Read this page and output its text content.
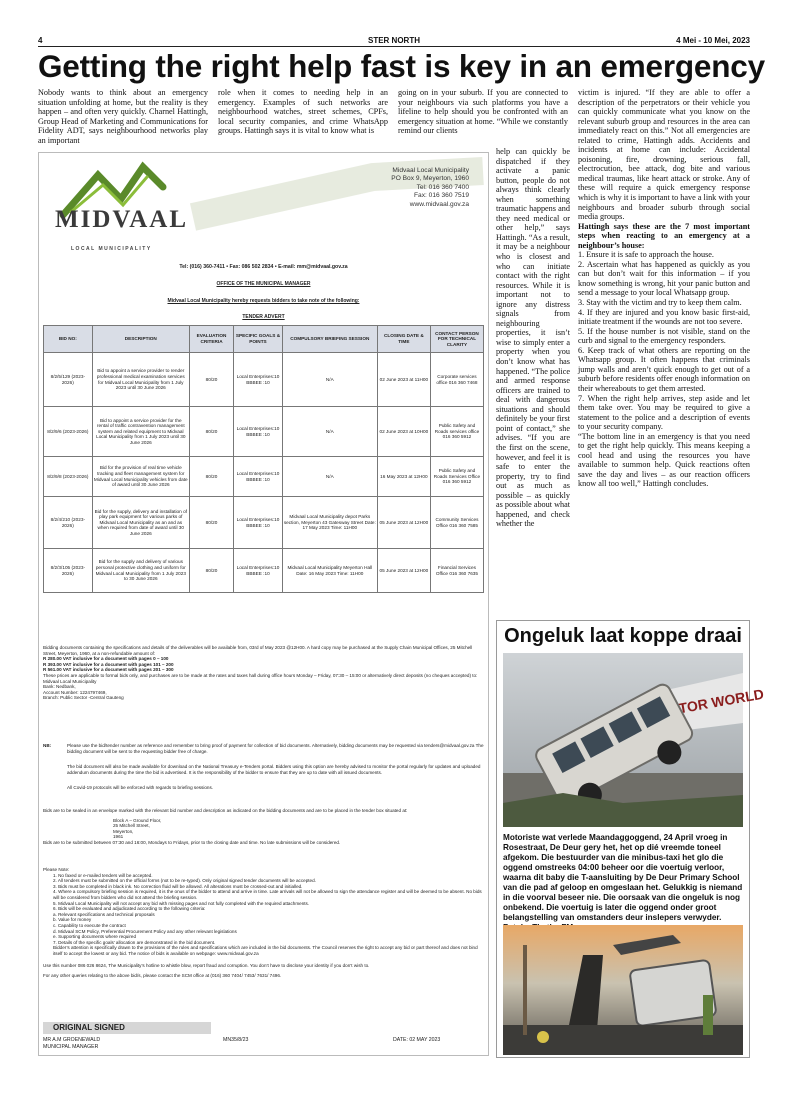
4	STER NORTH	4 Mei - 10 Mei, 2023
Getting the right help fast is key in an emergency

Nobody wants to think about an emergency situation unfolding at home, but the reality is they happen – and often very quickly. Charnel Hattingh, Group Head of Marketing and Communications for Fidelity ADT, says neighbourhood networks play an important

role when it comes to needing help in an emergency. Examples of such networks are neighbourhood watches, street schemes, CPFs, local security companies, and crime WhatsApp groups. Hattingh says it is vital to know what is

going on in your suburb. If you are connected to your neighbours via such platforms you have a lifeline to help should you be confronted with an emergency situation at home. “While we constantly remind our clients

help can quickly be dispatched if they activate a panic button, people do not always think clearly when something traumatic happens and they need medical or other help,” says Hattingh. “As a result, it may be a neighbour who is closest and who can initiate contact with the right resources. While it is important not to ignore any distress signals from neighbouring properties, it isn’t wise to simply enter a property when you don’t know what has happened. “The police and armed response officers are trained to deal with dangerous situations and should definitely be your first point of contact,” she advises. “If you are the first on the scene, however, and feel it is safe to enter the property, try to find out as much as possible – as quickly as possible about what happened, and check whether the

victim is injured. “If they are able to offer a description of the perpetrators or their vehicle you can quickly communicate what you know on the relevant suburb group and resources in the area can immediately react on this.” Not all emergencies are related to crime, Hattingh adds. Accidents and incidents at home can include: Accidental poisoning, fire, drowning, serious fall, electrocution, bee attack, dog bite and various medical traumas, like heart attack or stroke. Any of these will require a quick emergency response which is why it is important to have a link with your neighbours and broader suburb through social media groups.

Hattingh says these are the 7 most important steps when reacting to an emergency at a neighbour’s house:

1. Ensure it is safe to approach the house.

2. Ascertain what has happened as quickly as you can but don’t wait for this information – if you know something is wrong, hit your panic button and send a message to your local Whatsapp group.

3. Stay with the victim and try to keep them calm.

4. If they are injured and you know basic first-aid, initiate treatment if the wounds are not too severe.

5. If the house number is not visible, stand on the curb and signal to the emergency responders.

6. Keep track of what others are reporting on the Whatsapp group. It often happens that criminals jump walls and aren’t quick enough to get out of a suburb before residents offer enough information on their whereabouts to get them arrested.

7. When the right help arrives, step aside and let them take over. You may be required to give a statement to the police and a description of events to your security company.

“The bottom line in an emergency is that you need to get the right help quickly. This means keeping a cool head and using the resources you have available to summon help. Quick reactions often save the day and lives – as our reaction officers know all too well,” Hattingh concludes.

MIDVAAL
LOCAL MUNICIPALITY
Midvaal Local Municipality
PO Box 9, Meyerton, 1960
Tel: 016 360 7400
Fax: 016 360 7519
www.midvaal.gov.za
Tel: (016) 360-7411 • Fax: 086 502 2834 • E-mail: mm@midvaal.gov.za
OFFICE OF THE MUNICIPAL MANAGER
Midvaal Local Municipality hereby requests bidders to take note of the following:
TENDER ADVERT
BID NO:	DESCRIPTION	EVALUATION CRITERIA	SPECIFIC GOALS & POINTS	COMPULSORY BRIEFING SESSION	CLOSING DATE & TIME	CONTACT PERSON FOR TECHNICAL CLARITY
8/2/5/129 (2023-2026)	Bid to appoint a service provider to render professional medical examination services for Midvaal Local Municipality from 1 July 2023 until 30 June 2026	80/20	Local Enterprises:10 BBBEE :10	N/A	02 June 2023 at 11H00	Corporate services office 016 360 7468
8/2/9/6 (2023-2026)	Bid to appoint a service provider for the rental of traffic contravention management system and related equipment to Midvaal Local Municipality from 1 July 2023 until 30 June 2026	80/20	Local Enterprises:10 BBBEE :10	N/A	02 June 2023 at 10H00	Public Safety and Roads services office 016 360 5912
8/2/9/8 (2023-2026)	Bid for the provision of real time vehicle tracking and fleet management system for Midvaal Local Municipality vehicles from date of award until 30 June 2026	80/20	Local Enterprises:10 BBBEE :10	N/A	16 May 2023 at 12H00	Public Safety and Roads Services Office 016 360 5912
8/2/4/210 (2023-2026)	Bid for the supply, delivery and installation of play park equipment for various parks of Midvaal Local Municipality as an and as when required from date of award until 30 June 2026	80/20	Local Enterprises:10 BBBEE :10	Midvaal Local Municipality depot Parks section, Meyerton 43 Gatesway Street Date: 17 May 2023 Time: 11H00	05 June 2023 at 12H00	Community Services Office 016 360 7585
8/2/3/105 (2023-2026)	Bid for the supply and delivery of various personal protective clothing and uniform for Midvaal Local Municipality from 1 July 2023 to 30 June 2026	80/20	Local Enterprises:10 BBBEE :10	Midvaal Local Municipality Meyerton Hall Date: 16 May 2023 Time: 11H00	05 June 2023 at 12H00	Financial Services Office 016 360 7635

Bidding documents containing the specifications and details of the deliverables will be available from, 03rd of May 2023 @12H00. A hard copy may be purchased at the Supply Chain Municipal Offices, 25 Mitchell Street, Meyerton, 1960, at a non-refundable amount of:

R 280.00 VAT inclusive for a document with pages 0 – 100

R 393.00 VAT inclusive for a document with pages 101 – 200

R 561.00 VAT inclusive for a document with pages 201 – 300

These prices are applicable to formal bids only, and purchases are to be made at the rates and taxes hall during office hours Monday – Friday, 07:30 – 15:00 or alternatively direct deposits (no cheques accepted) to:

Midvaal Local Municipality

Bank: Nedbank,

Account Number: 1224797469,

Branch: Public Sector -Central Gauteng

NB:	Please use the bid/tender number as reference and remember to bring proof of payment for collection of bid documents. Alternatively, bidding documents may be requested via tenders@midvaal.gov.za The bidding document will be sent to the requesting bidder free of charge.

The bid document will also be made available for download on the National Treasury e-Tenders portal. Bidders using this option are hereby advised to monitor the portal regularly for updates and uploaded addendum documents during the time the bid is advertised. It is the responsibility of the bidder to ensure that they are up to date with all issued documents.

All Covid-19 protocols will be enforced with regards to briefing sessions.

Bids are to be sealed in an envelope marked with the relevant bid number and description as indicated on the bidding documents and are to be placed in the tender box situated at:

Block A – Ground Floor,

25 Mitchell Street,

Meyerton,

1961

Bids are to be submitted between 07:30 and 16:00, Mondays to Fridays, prior to the closing date and time. No late submissions will be considered.

Please Note:

1. No faxed or e-mailed tenders will be accepted.

2. All tenders must be submitted on the official forms (not to be re-typed). Only original signed tender documents will be accepted.

3. Bids must be completed in black ink. No correction fluid will be allowed. All alterations must be crossed-out and initialled.

4. Where a compulsory briefing session is required, it is the onus of the bidder to attend and arrive in time. Late arrivals will not be allowed to sign the attendance register and will be deemed to be absent. No bids will be considered from bidders who did not attend the briefing session.

5. Midvaal Local Municipality will not accept any bid with missing pages and not fully completed with the required attachments.

6. Bids will be evaluated and adjudicated according to the following criteria:

a. Relevant specifications and technical proposals

b. Value for money

c. Capability to execute the contract

d. Midvaal SCM Policy, Preferential Procurement Policy and any other relevant legislations

e. Supporting documents where required

7. Details of the specific goals’ allocation are demonstrated in the bid document.

Bidder’s attention is specifically drawn to the provisions of the rules and specifications which are included in the bid documents. The Council reserves the right to accept any bid or part thereof and does not bind itself to accept the lowest or any bid. The notice of bids is available on webpage: www.midvaal.gov.za

Use this number 086 026 8624, The Municipality’s hotline to whistle blow, report fraud and corruption. You don’t have to disclose your identity if you don’t wish to.

For any other queries relating to the above bid/s, please contact the SCM office at (016) 360 7404/ 7453/ 7631/ 7496.

ORIGINAL SIGNED
MR A.M GROENEWALD	MN35/8/23	DATE: 02 MAY 2023
MUNICIPAL MANAGER
Ongeluk laat koppe draai
TOR WORLD
Motoriste wat verlede Maandaggoggend, 24 April vroeg in Rosestraat, De Deur gery het, het op dié vreemde toneel afgekom. Die bestuurder van die minibus-taxi het glo die oggend omstreeks 04:00 beheer oor die voertuig verloor, waarna dit baby die T-aansluiting by De Deur Primary School van die pad af geloop en omgeslaan het. Gelukkig is niemand in die voorval beseer nie. Die oorsaak van die ongeluk is nog onbekend. Die voertuig is later die oggend onder groot belangstelling van omstanders deur inslepers verwyder.
